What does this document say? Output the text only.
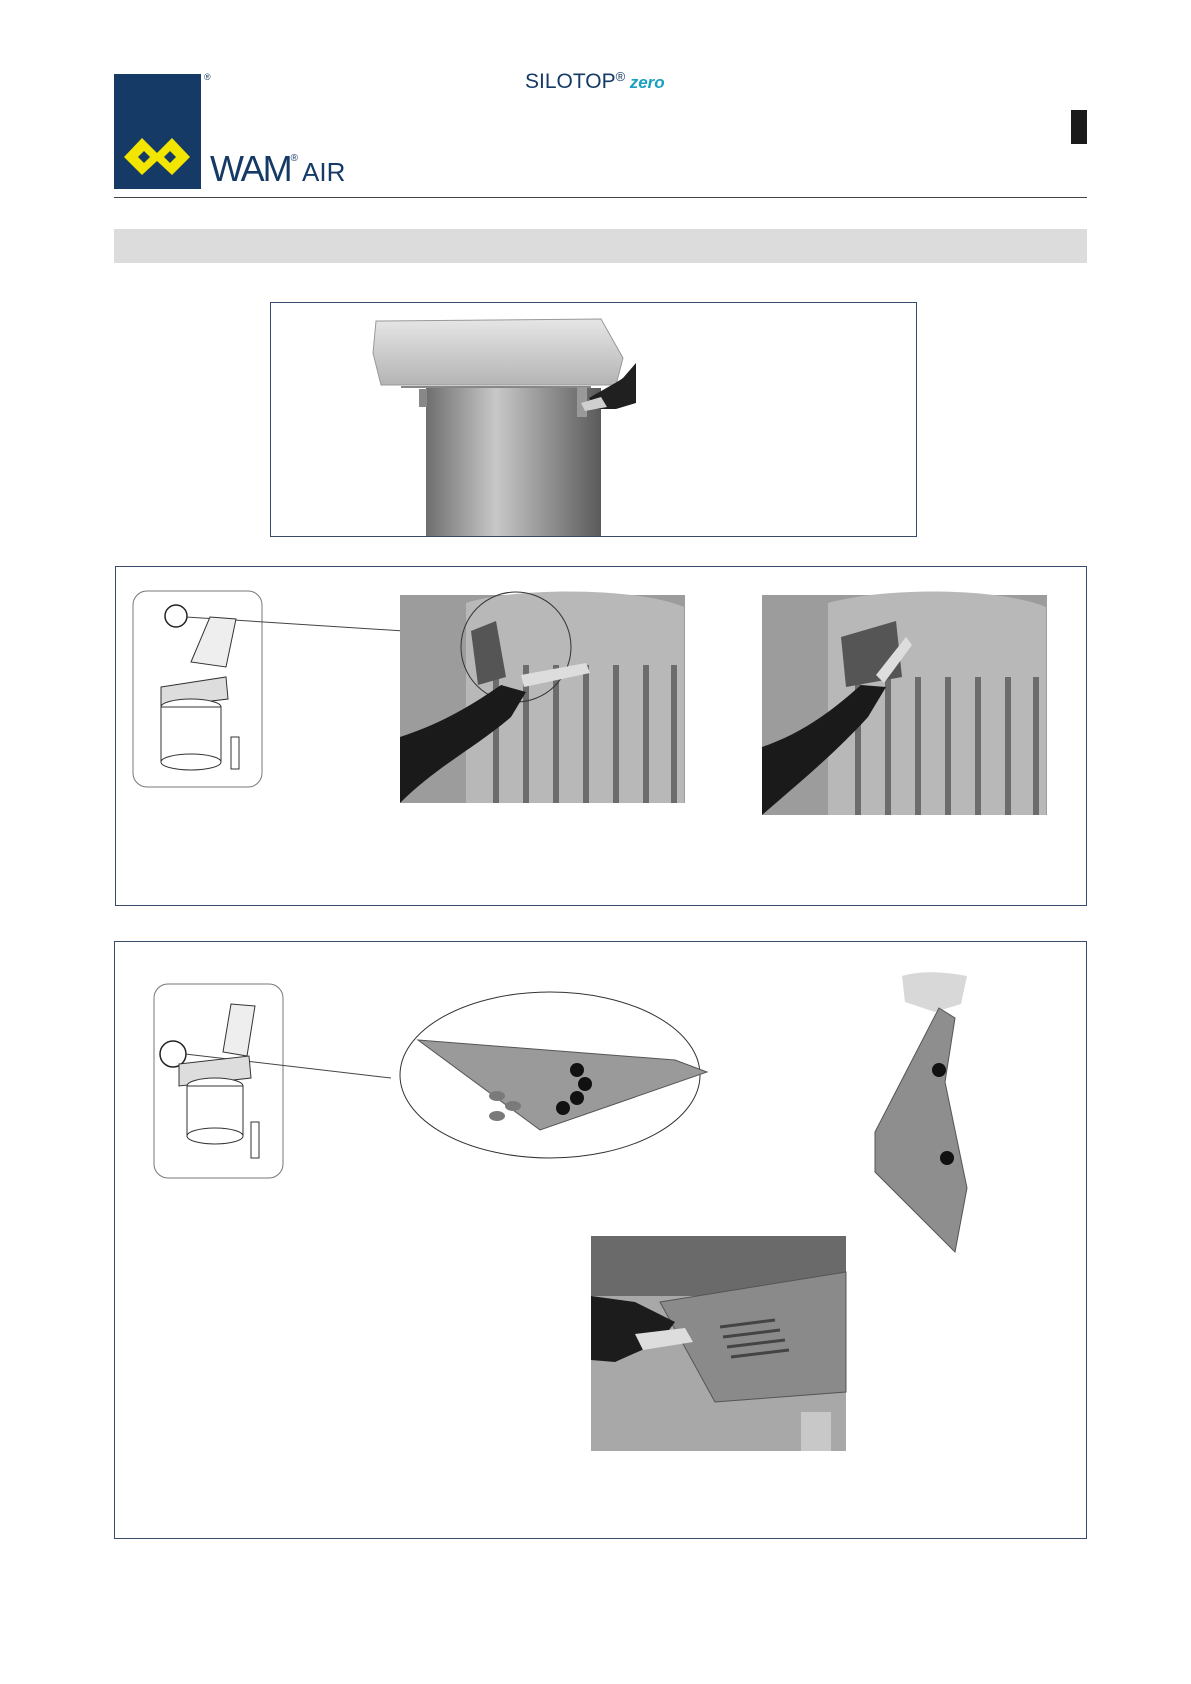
®
WAM® AIR
SILOTOP® zero
